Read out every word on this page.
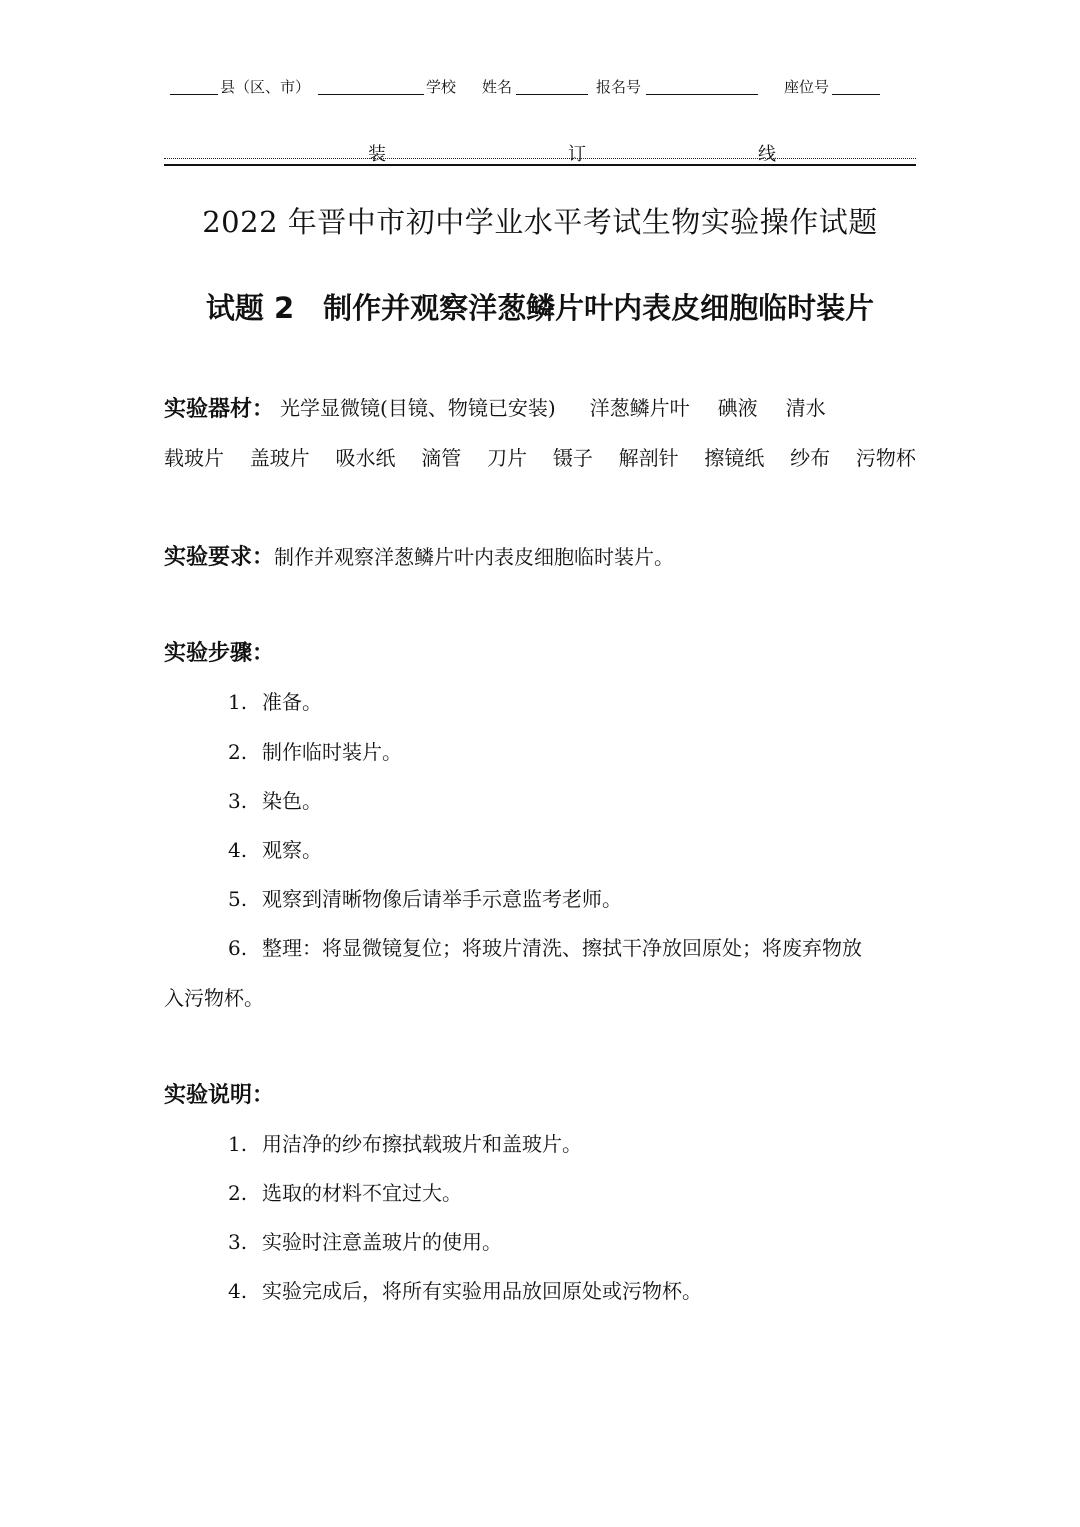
县（区、市）	学校 姓名	报名号	座位号
装	订	线
2022 年晋中市初中学业水平考试生物实验操作试题
试题 2　制作并观察洋葱鳞片叶内表皮细胞临时装片
实验器材： 光学显微镜(目镜、物镜已安装) 洋葱鳞片叶 碘液 清水
载玻片 盖玻片 吸水纸 滴管 刀片 镊子 解剖针 擦镜纸 纱布 污物杯
实验要求：制作并观察洋葱鳞片叶内表皮细胞临时装片。
实验步骤：
1. 准备。
2. 制作临时装片。
3. 染色。
4. 观察。
5. 观察到清晰物像后请举手示意监考老师。
6. 整理：将显微镜复位；将玻片清洗、擦拭干净放回原处；将废弃物放
入污物杯。
实验说明：
1. 用洁净的纱布擦拭载玻片和盖玻片。
2. 选取的材料不宜过大。
3. 实验时注意盖玻片的使用。
4. 实验完成后，将所有实验用品放回原处或污物杯。
